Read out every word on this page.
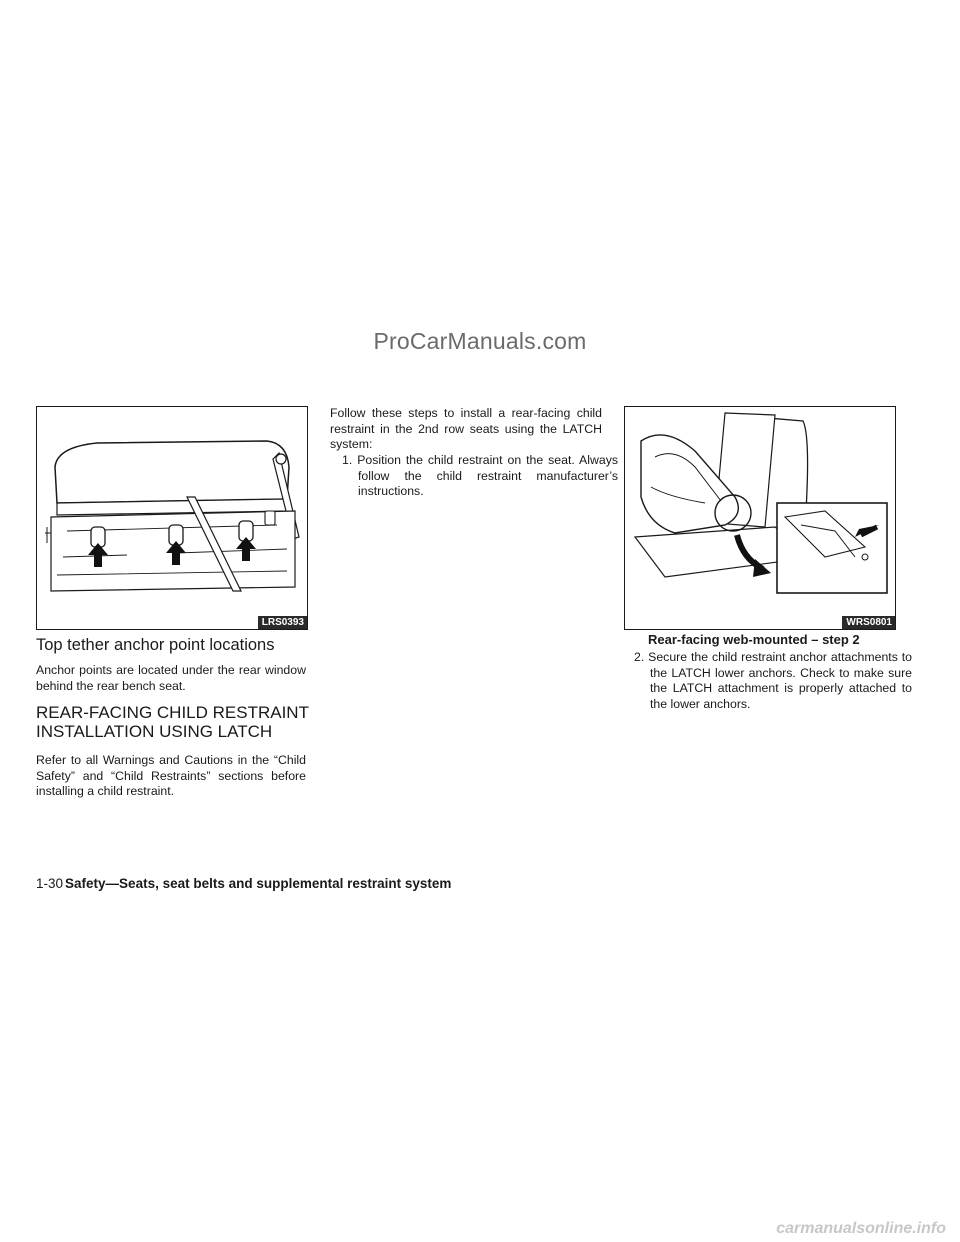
ProCarManuals.com
LRS0393
Top tether anchor point locations

Anchor points are located under the rear window behind the rear bench seat.

REAR-FACING CHILD RESTRAINT
INSTALLATION USING LATCH

Refer to all Warnings and Cautions in the “Child Safety” and “Child Restraints” sections before installing a child restraint.

Follow these steps to install a rear-facing child restraint in the 2nd row seats using the LATCH system:

1. Position the child restraint on the seat. Always follow the child restraint manufacturer’s instructions.

WRS0801
Rear-facing web-mounted – step 2

2. Secure the child restraint anchor attachments to the LATCH lower anchors. Check to make sure the LATCH attachment is properly attached to the lower anchors.

1-30 Safety—Seats, seat belts and supplemental restraint system
carmanualsonline.info
